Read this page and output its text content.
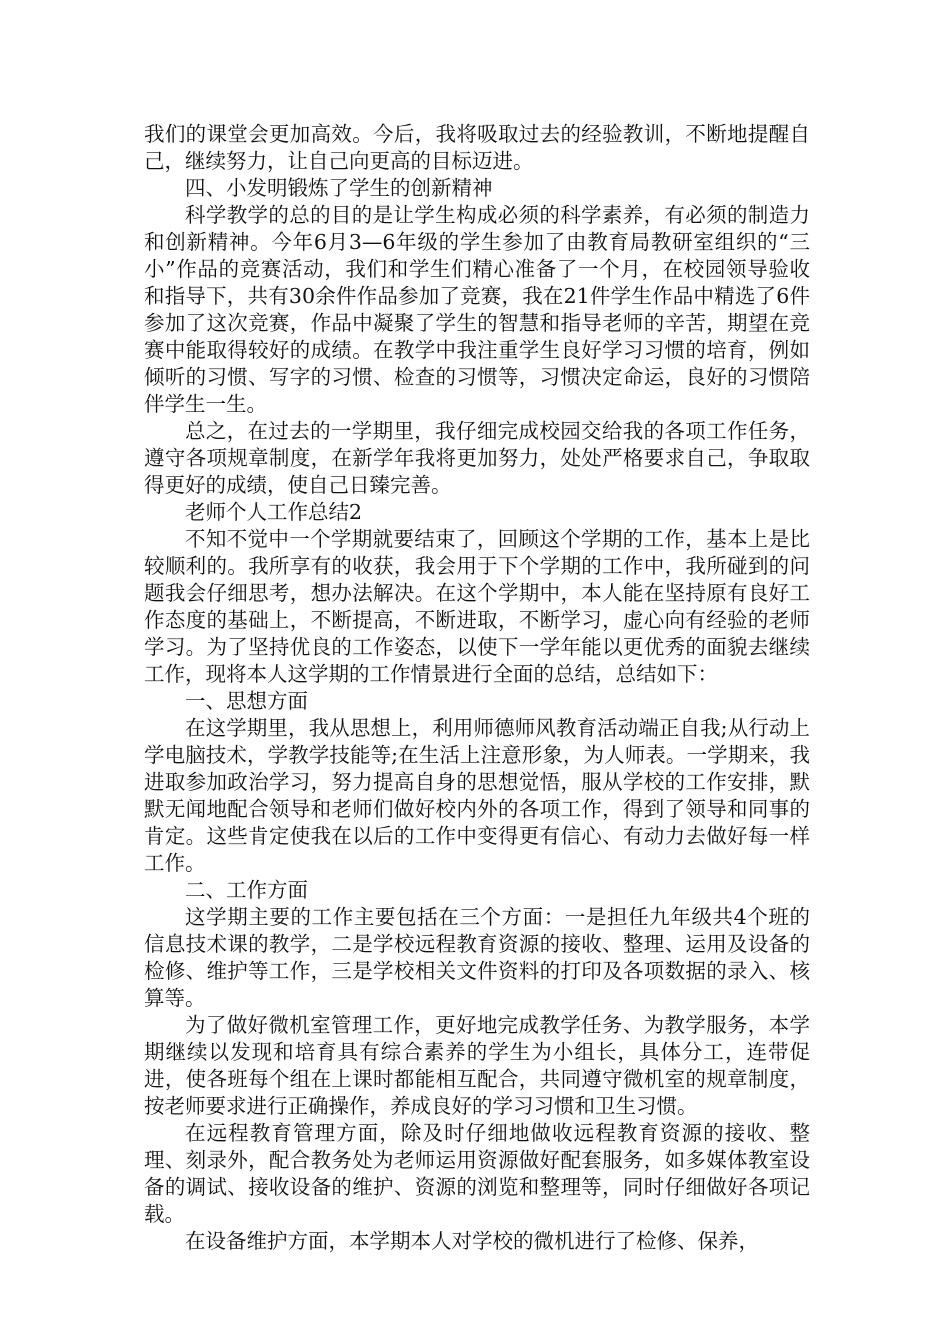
我们的课堂会更加高效。今后，我将吸取过去的经验教训，不断地提醒自己，继续努力，让自己向更高的目标迈进。

四、小发明锻炼了学生的创新精神

科学教学的总的目的是让学生构成必须的科学素养，有必须的制造力和创新精神。今年6月3—6年级的学生参加了由教育局教研室组织的“三小”作品的竞赛活动，我们和学生们精心准备了一个月，在校园领导验收和指导下，共有30余件作品参加了竞赛，我在21件学生作品中精选了6件参加了这次竞赛，作品中凝聚了学生的智慧和指导老师的辛苦，期望在竞赛中能取得较好的成绩。在教学中我注重学生良好学习习惯的培育，例如倾听的习惯、写字的习惯、检查的习惯等，习惯决定命运，良好的习惯陪伴学生一生。

总之，在过去的一学期里，我仔细完成校园交给我的各项工作任务，遵守各项规章制度，在新学年我将更加努力，处处严格要求自己，争取取得更好的成绩，使自己日臻完善。

老师个人工作总结2

不知不觉中一个学期就要结束了，回顾这个学期的工作，基本上是比较顺利的。我所享有的收获，我会用于下个学期的工作中，我所碰到的问题我会仔细思考，想办法解决。在这个学期中，本人能在坚持原有良好工作态度的基础上，不断提高，不断进取，不断学习，虚心向有经验的老师学习。为了坚持优良的工作姿态，以使下一学年能以更优秀的面貌去继续工作，现将本人这学期的工作情景进行全面的总结，总结如下：

一、思想方面

在这学期里，我从思想上，利用师德师风教育活动端正自我;从行动上学电脑技术，学教学技能等;在生活上注意形象，为人师表。一学期来，我进取参加政治学习，努力提高自身的思想觉悟，服从学校的工作安排，默默无闻地配合领导和老师们做好校内外的各项工作，得到了领导和同事的肯定。这些肯定使我在以后的工作中变得更有信心、有动力去做好每一样工作。

二、工作方面

这学期主要的工作主要包括在三个方面：一是担任九年级共4个班的信息技术课的教学，二是学校远程教育资源的接收、整理、运用及设备的检修、维护等工作，三是学校相关文件资料的打印及各项数据的录入、核算等。

为了做好微机室管理工作，更好地完成教学任务、为教学服务，本学期继续以发现和培育具有综合素养的学生为小组长，具体分工，连带促进，使各班每个组在上课时都能相互配合，共同遵守微机室的规章制度，按老师要求进行正确操作，养成良好的学习习惯和卫生习惯。

在远程教育管理方面，除及时仔细地做收远程教育资源的接收、整理、刻录外，配合教务处为老师运用资源做好配套服务，如多媒体教室设备的调试、接收设备的维护、资源的浏览和整理等，同时仔细做好各项记载。

在设备维护方面，本学期本人对学校的微机进行了检修、保养，
